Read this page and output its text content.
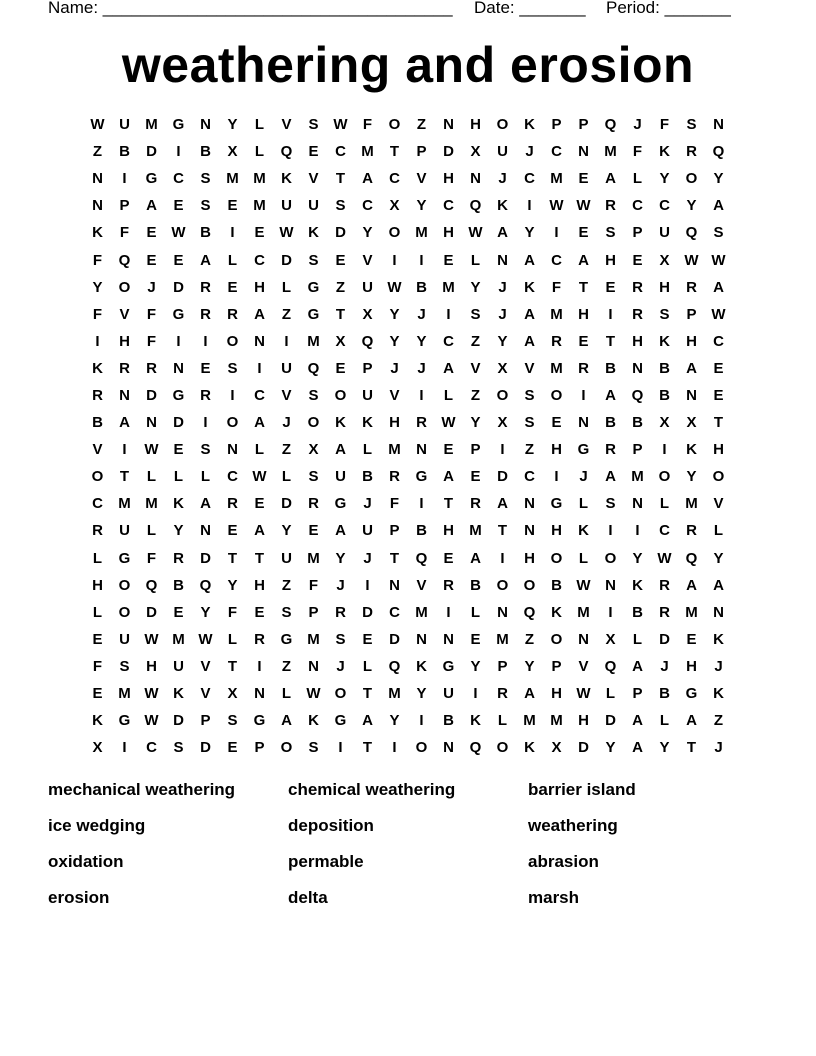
Name: _____________________________________ Date: _______ Period: _______
weathering and erosion
W U	M G	N	Y	L	V	S W	F	O	Z	N	H	O	K	P	P	Q	J	F	S	N
Z	B	D	I	B	X	L	Q	E	C	M	T	P	D	X	U	J	C	N	M	F	K	R	Q
N	I	G	C	S	M M	K	V	T	A	C	V	H	N	J	C	M	E	A	L	Y	O	Y
N	P	A	E	S	E	M	U	U	S	C	X	Y	C	Q	K	I	W W R	C	C	Y	A
K	F	E W B	I	E W K	D	Y	O M	H W A	Y	I	E	S	P	U	Q	S
F	Q	E	E	A	L	C	D	S	E	V	I	I	E	L	N	A	C	A	H	E	X W W
Y	O	J	D	R	E	H	L	G	Z	U W B	M	Y	J	K	F	T	E	R	H	R	A
F	V	F	G	R	R	A	Z	G	T	X	Y	J	I	S	J	A	M	H	I	R	S	P W
I	H	F	I	I	O	N	I	M	X	Q	Y	Y	C	Z	Y	A	R	E	T	H	K	H	C
K	R	R	N	E	S	I	U	Q	E	P	J	J	A	V	X	V	M	R	B	N	B	A	E
R	N	D	G	R	I	C	V	S	O	U	V	I	L	Z	O	S	O	I	A	Q	B	N	E
B	A	N	D	I	O	A	J	O	K	K	H	R W Y	X	S	E	N	B	B	X	X	T
V	I	W E	S	N	L	Z	X	A	L	M	N	E	P	I	Z	H	G	R	P	I	K	H
O	T	L	L	L	C W	L	S	U	B	R	G	A	E	D	C	I	J	A	M O	Y	O
C	M M	K	A	R	E	D	R	G	J	F	I	T	R	A	N	G	L	S	N	L	M	V
R	U	L	Y	N	E	A	Y	E	A	U	P	B	H	M	T	N	H	K	I	I	C	R	L
L	G	F	R	D	T	T	U	M	Y	J	T	Q	E	A	I	H	O	L	O	Y W Q	Y
H	O	Q	B	Q	Y	H	Z	F	J	I	N	V	R	B	O	O	B W N	K	R	A	A
L	O	D	E	Y	F	E	S	P	R	D	C	M	I	L	N	Q	K	M	I	B	R	M	N
E	U W M W	L	R	G M	S	E	D	N	N	E	M	Z	O	N	X	L	D	E	K
F	S	H	U	V	T	I	Z	N	J	L	Q	K	G	Y	P	Y	P	V	Q	A	J	H	J
E	M W K	V	X	N	L	W O	T	M	Y	U	I	R	A	H W	L	P	B	G	K
K	G W D	P	S	G	A	K	G	A	Y	I	B	K	L	M M	H	D	A	L	A	Z
X	I	C	S	D	E	P	O	S	I	T	I	O	N	Q	O	K	X	D	Y	A	Y	T	J
mechanical weathering	chemical weathering	barrier island
ice wedging	deposition	weathering
oxidation	permable	abrasion
erosion	delta	marsh
